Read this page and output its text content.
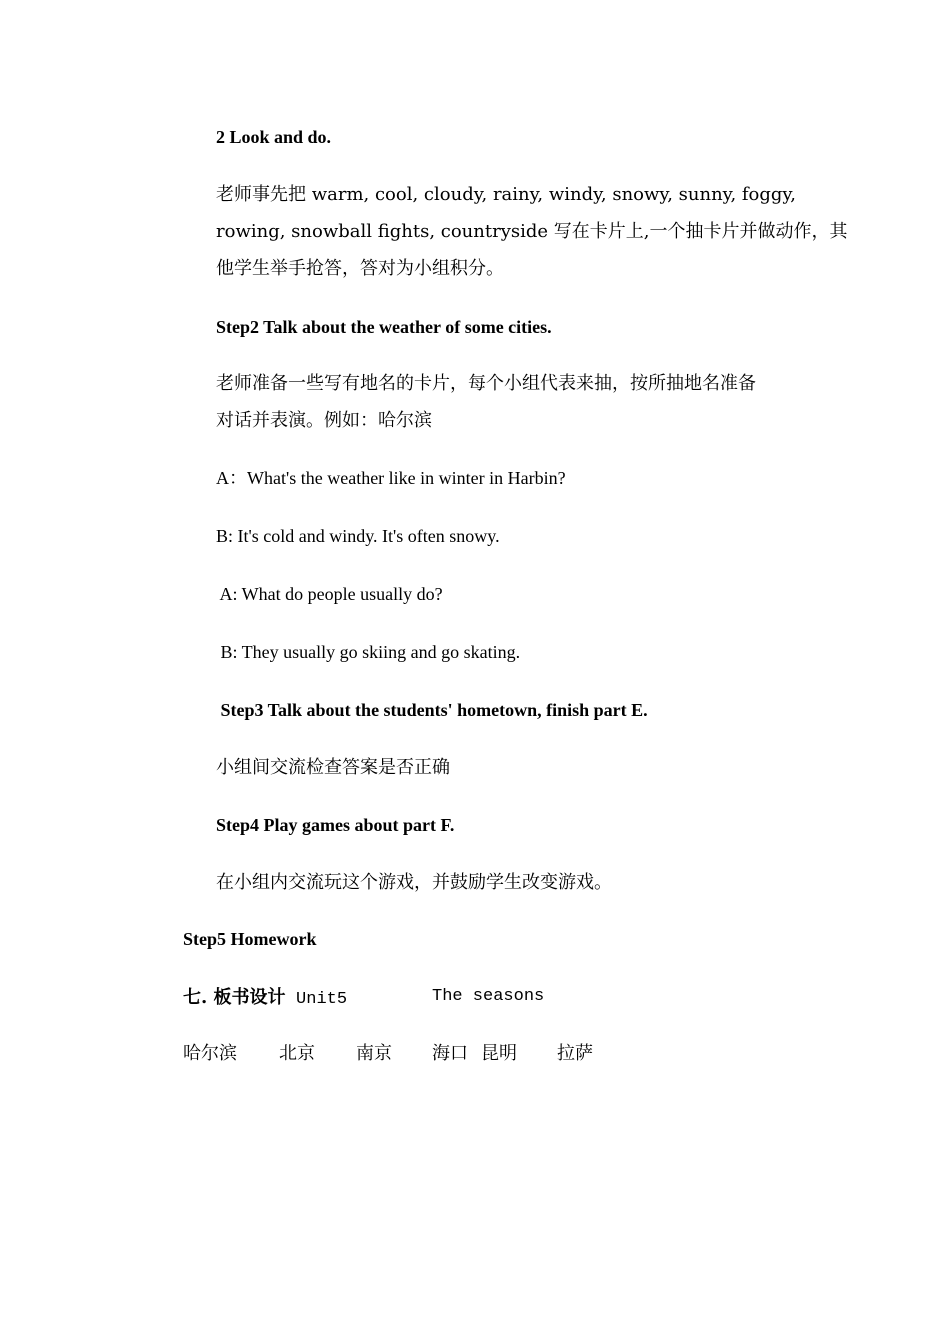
2 Look and do.
老师事先把 warm, cool, cloudy, rainy, windy, snowy, sunny, foggy,
rowing, snowball fights, countryside 写在卡片上,一个抽卡片并做动作，其
他学生举手抢答，答对为小组积分。
Step2 Talk about the weather of some cities.
老师准备一些写有地名的卡片，每个小组代表来抽，按所抽地名准备
对话并表演。例如：哈尔滨
A：What's the weather like in winter in Harbin?
B: It's cold and windy. It's often snowy.
A: What do people usually do?
B: They usually go skiing and go skating.
Step3 Talk about the students' hometown, finish part E.
小组间交流检查答案是否正确
Step4 Play games about part F.
在小组内交流玩这个游戏，并鼓励学生改变游戏。
Step5 Homework
七. 板书设计 Unit5	The seasons
哈尔滨 北京 南京 海口 昆明 拉萨
